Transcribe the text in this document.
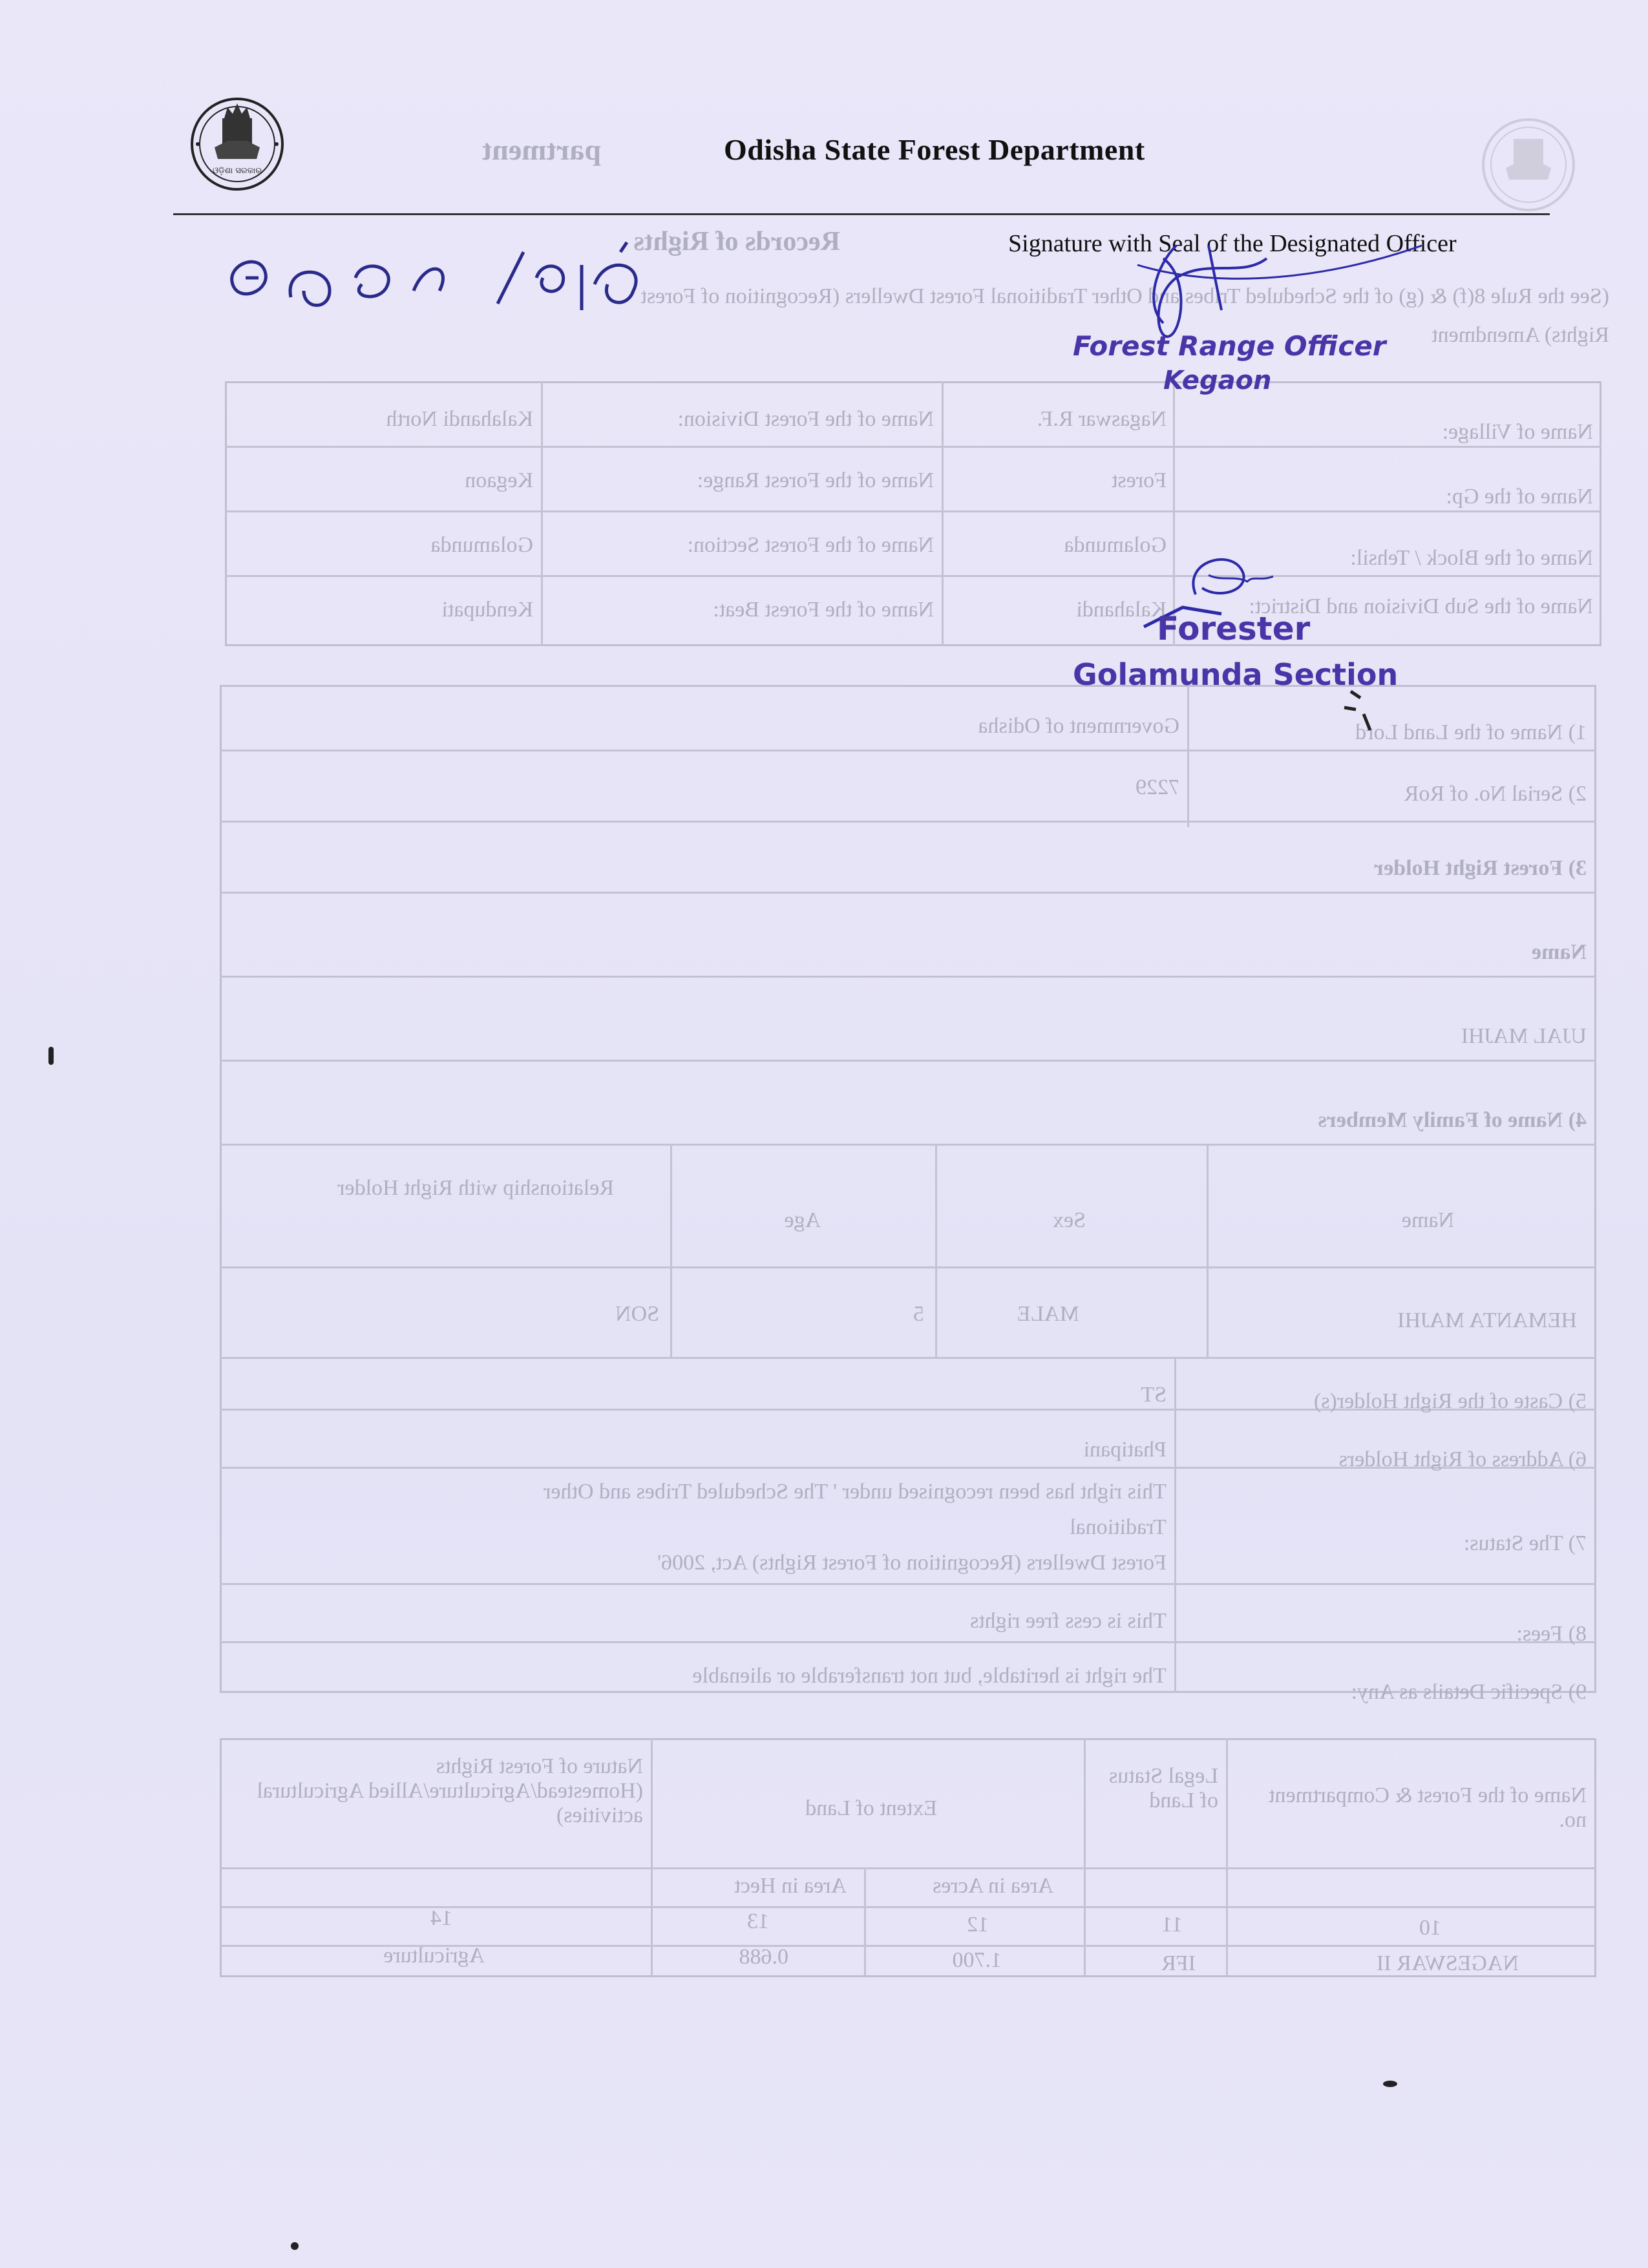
partment
Records of Rights
(See the Rule 8(f) & (g) of the Scheduled Tribes and Other Traditional Forest Dwellers (Recognition of Forest
Rights) Amendment
Name of Village:
Nagaswar R.F.
Name of the Forest Division:
Kalahandi North
Name of the Gp:
Forest
Name of the Forest Range:
Kegaon
Name of the Block / Tehsil:
Golamunda
Name of the Forest Section:
Golamunda
Name of the Sub Division and District:
Kalahandi
Name of the Forest Beat:
Kendupati
1) Name of the Land Lord
Government of Odisha
2) Serial No. of RoR
7229
3) Forest Right Holder
Name
UJAL MAJHI
4) Name of Family Members
Name
Sex
Age
Relationship with Right Holder
HEMANTA MAJHI
MALE
5
SON
5) Caste of the Right Holder(s)
ST
6) Address of Right Holders
Phatipani
7) The Status:
This right has been recognised under ' The Scheduled Tribes and Other
Traditional
Forest Dwellers (Recognition of Forest Rights) Act, 2006'
8) Fees:
This is cess free rights
9) Specific Details as Any:
The right is heritable, but not transferable or alienable
Name of the Forest & Compartment no.
Legal Status of Land
Extent of Land
Nature of Forest Rights (Homestead/Agriculture/Allied Agricultural activities)
Area in Acres
Area in Hect
10
11
12
13
14
NAGESWAR II
IFR
1.700
0.688
Agriculture
ଓଡ଼ିଶା ସରକାର
Odisha State Forest Department
Signature with Seal of the Designated Officer
କ୍ର ନ ୩୨ ୨/୧୨୦
Forest Range Officer
Kegaon
Forester
Golamunda Section
